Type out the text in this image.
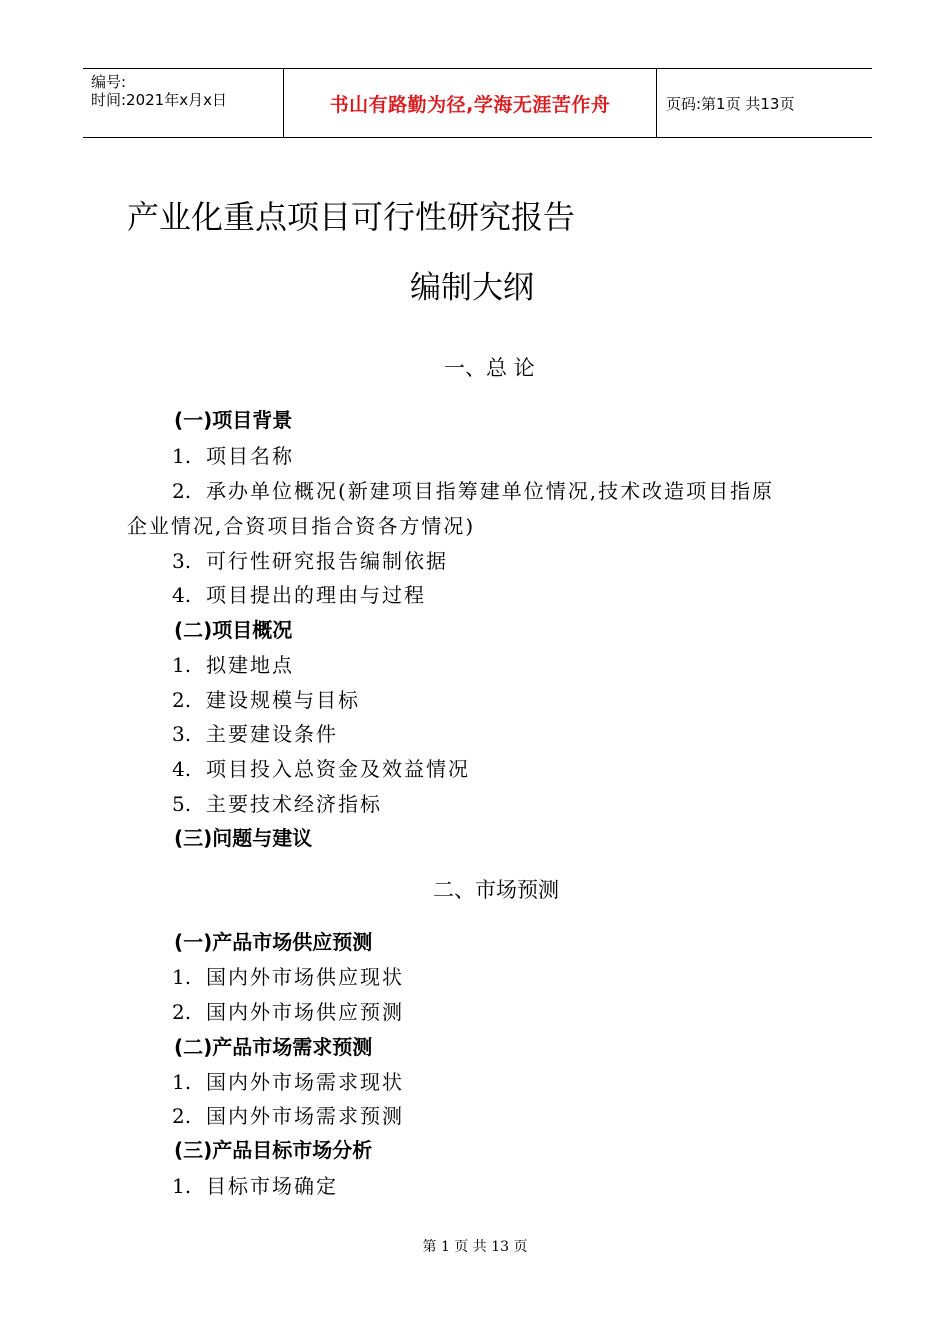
编号:
时间:2021年x月x日	书山有路勤为径,学海无涯苦作舟	页码:第1页 共13页
产业化重点项目可行性研究报告
编制大纲
一、总 论
(一)项目背景
1. 项目名称
2. 承办单位概况(新建项目指筹建单位情况,技术改造项目指原
企业情况,合资项目指合资各方情况)
3. 可行性研究报告编制依据
4. 项目提出的理由与过程
(二)项目概况
1. 拟建地点
2. 建设规模与目标
3. 主要建设条件
4. 项目投入总资金及效益情况
5. 主要技术经济指标
(三)问题与建议
二、市场预测
(一)产品市场供应预测
1. 国内外市场供应现状
2. 国内外市场供应预测
(二)产品市场需求预测
1. 国内外市场需求现状
2. 国内外市场需求预测
(三)产品目标市场分析
1. 目标市场确定
第 1 页 共 13 页
